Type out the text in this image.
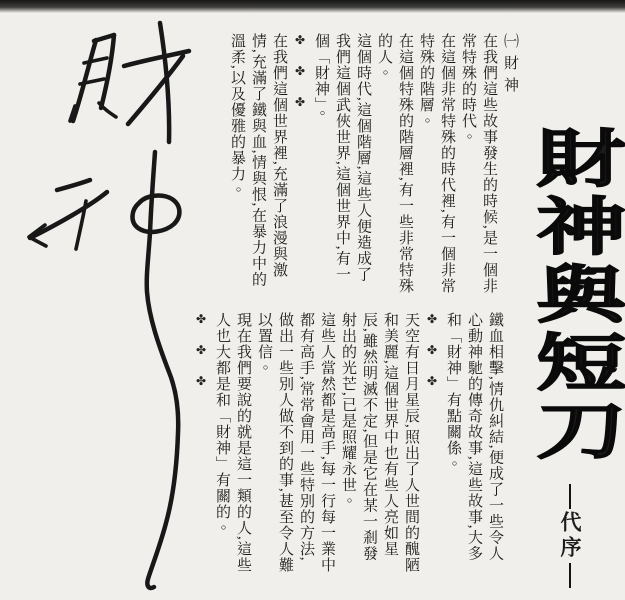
財神與短刀
代序

㈠財神

在我們這些故事發生的時候,是一個非常特殊的時代。

在這個非常特殊的時代裡,有一個非常特殊的階層。

在這個特殊的階層裡,有一些非常特殊的人。

這個時代,這個階層,這些人便造成了我們這個武俠世界,這個世界中,有一個「財神」。

✤✤✤

在我們這個世界裡,充滿了浪漫與激情,充滿了鐵與血,情與恨,在暴力中的溫柔,以及優雅的暴力。

鐵血相擊,情仇糾結,便成了一些令人心動神馳的傳奇故事,這些故事,大多和「財神」有點關係。

✤✤✤

天空有日月星辰,照出了人世間的醜陋和美麗,這個世界中也有些人亮如星辰,雖然明滅不定,但是它在某一剎發射出的光芒,已是照耀永世。

這些人當然都是高手,每一行每一業中都有高手,常常會用一些特別的方法,做出一些別人做不到的事,甚至令人難以置信。

現在我們要說的就是這一類的人,這些人也大都是和「財神」有關的。

✤✤✤
